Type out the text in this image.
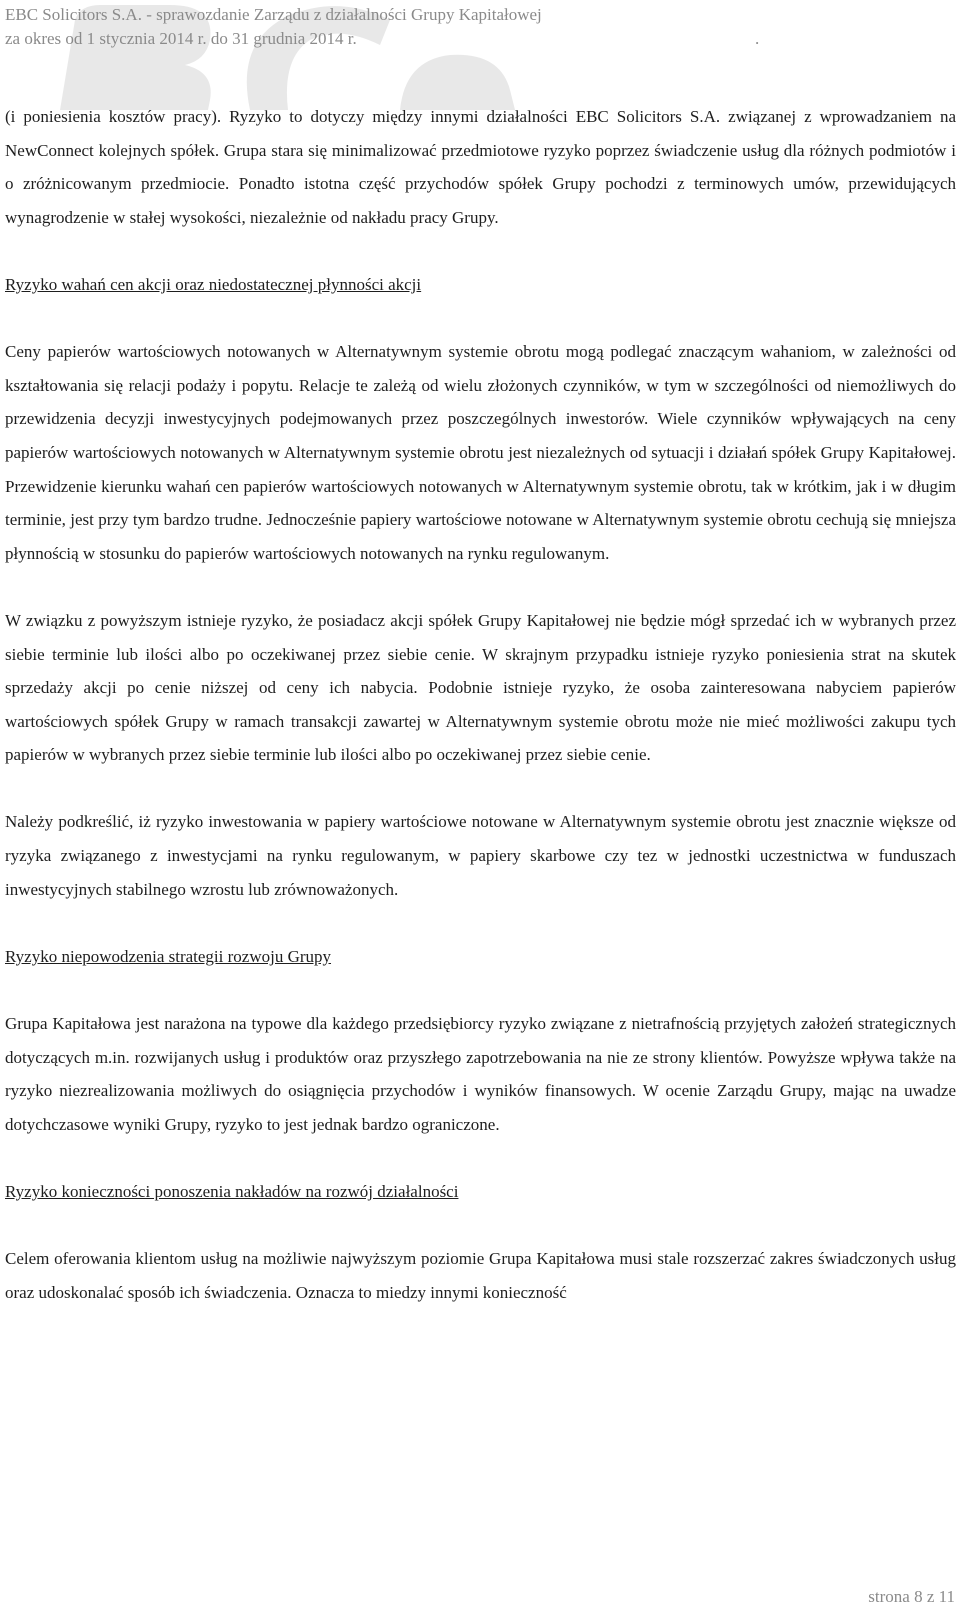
EBC Solicitors S.A. - sprawozdanie Zarządu z działalności Grupy Kapitałowej
za okres od 1 stycznia 2014 r. do 31 grudnia 2014 r.	.

(i poniesienia kosztów pracy). Ryzyko to dotyczy między innymi działalności EBC Solicitors S.A. związanej z wprowadzaniem na NewConnect kolejnych spółek. Grupa stara się minimalizować przedmiotowe ryzyko poprzez świadczenie usług dla różnych podmiotów i o zróżnicowanym przedmiocie. Ponadto istotna część przychodów spółek Grupy pochodzi z terminowych umów, przewidujących wynagrodzenie w stałej wysokości, niezależnie od nakładu pracy Grupy.

Ryzyko wahań cen akcji oraz niedostatecznej płynności akcji

Ceny papierów wartościowych notowanych w Alternatywnym systemie obrotu mogą podlegać znaczącym wahaniom, w zależności od kształtowania się relacji podaży i popytu. Relacje te zależą od wielu złożonych czynników, w tym w szczególności od niemożliwych do przewidzenia decyzji inwestycyjnych podejmowanych przez poszczególnych inwestorów. Wiele czynników wpływających na ceny papierów wartościowych notowanych w Alternatywnym systemie obrotu jest niezależnych od sytuacji i działań spółek Grupy Kapitałowej. Przewidzenie kierunku wahań cen papierów wartościowych notowanych w Alternatywnym systemie obrotu, tak w krótkim, jak i w długim terminie, jest przy tym bardzo trudne. Jednocześnie papiery wartościowe notowane w Alternatywnym systemie obrotu cechują się mniejsza płynnością w stosunku do papierów wartościowych notowanych na rynku regulowanym.

W związku z powyższym istnieje ryzyko, że posiadacz akcji spółek Grupy Kapitałowej nie będzie mógł sprzedać ich w wybranych przez siebie terminie lub ilości albo po oczekiwanej przez siebie cenie. W skrajnym przypadku istnieje ryzyko poniesienia strat na skutek sprzedaży akcji po cenie niższej od ceny ich nabycia. Podobnie istnieje ryzyko, że osoba zainteresowana nabyciem papierów wartościowych spółek Grupy w ramach transakcji zawartej w Alternatywnym systemie obrotu może nie mieć możliwości zakupu tych papierów w wybranych przez siebie terminie lub ilości albo po oczekiwanej przez siebie cenie.

Należy podkreślić, iż ryzyko inwestowania w papiery wartościowe notowane w Alternatywnym systemie obrotu jest znacznie większe od ryzyka związanego z inwestycjami na rynku regulowanym, w papiery skarbowe czy tez w jednostki uczestnictwa w funduszach inwestycyjnych stabilnego wzrostu lub zrównoważonych.

Ryzyko niepowodzenia strategii rozwoju Grupy

Grupa Kapitałowa jest narażona na typowe dla każdego przedsiębiorcy ryzyko związane z nietrafnością przyjętych założeń strategicznych dotyczących m.in. rozwijanych usług i produktów oraz przyszłego zapotrzebowania na nie ze strony klientów. Powyższe wpływa także na ryzyko niezrealizowania możliwych do osiągnięcia przychodów i wyników finansowych. W ocenie Zarządu Grupy, mając na uwadze dotychczasowe wyniki Grupy, ryzyko to jest jednak bardzo ograniczone.

Ryzyko konieczności ponoszenia nakładów na rozwój działalności

Celem oferowania klientom usług na możliwie najwyższym poziomie Grupa Kapitałowa musi stale rozszerzać zakres świadczonych usług oraz udoskonalać sposób ich świadczenia. Oznacza to miedzy innymi konieczność

strona 8 z 11
